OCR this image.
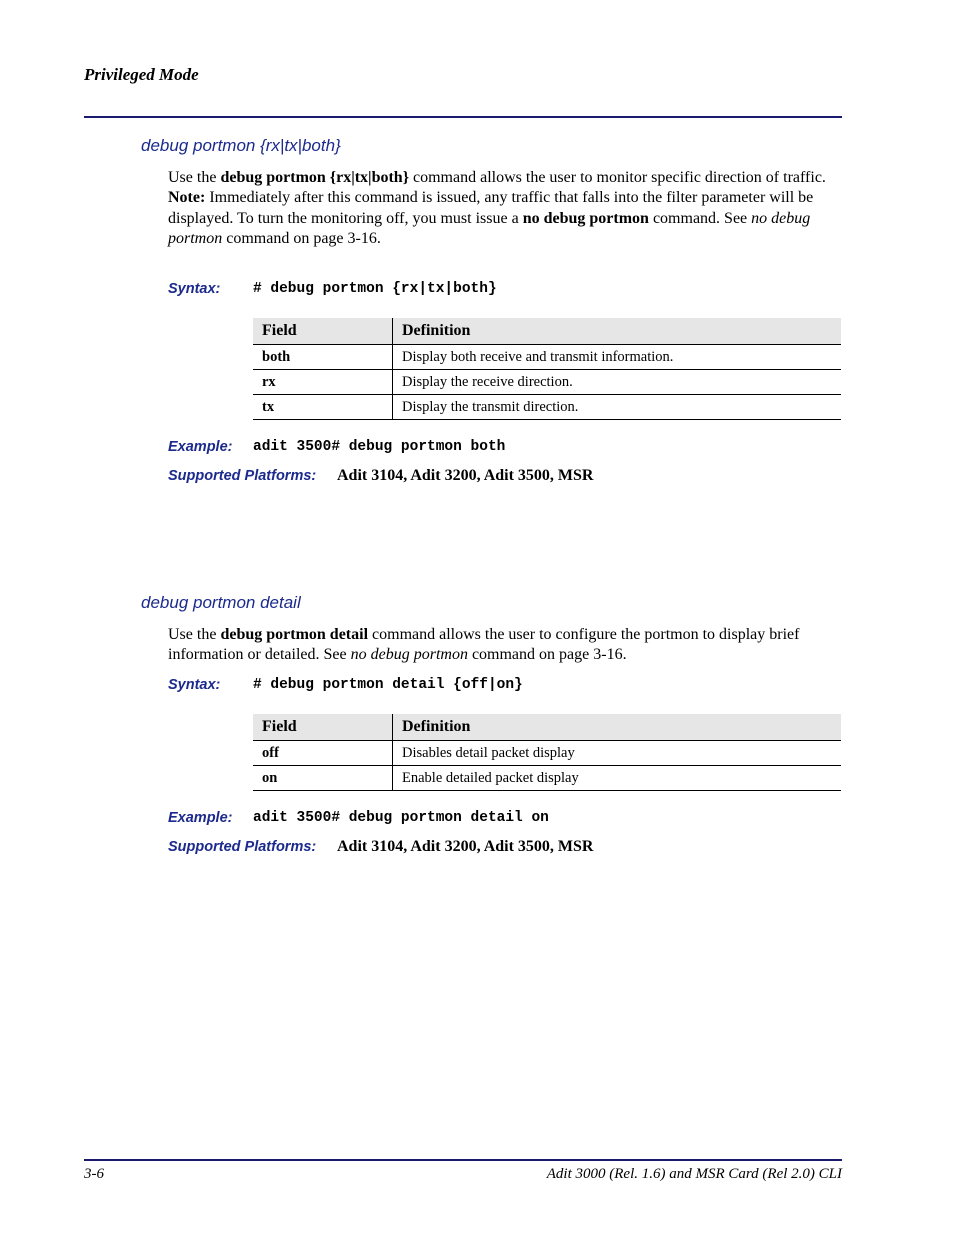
Privileged Mode
debug portmon {rx|tx|both}
Use the debug portmon {rx|tx|both} command allows the user to monitor specific direction of traffic.
Note: Immediately after this command is issued, any traffic that falls into the filter parameter will be displayed. To turn the monitoring off, you must issue a no debug portmon command. See no debug portmon command on page 3-16.
Syntax: # debug portmon {rx|tx|both}
Field	Definition
both	Display both receive and transmit information.
rx	Display the receive direction.
tx	Display the transmit direction.
Example: adit 3500# debug portmon both
Supported Platforms: Adit 3104, Adit 3200, Adit 3500, MSR
debug portmon detail
Use the debug portmon detail command allows the user to configure the portmon to display brief information or detailed. See no debug portmon command on page 3-16.
Syntax: # debug portmon detail {off|on}
Field	Definition
off	Disables detail packet display
on	Enable detailed packet display
Example: adit 3500# debug portmon detail on
Supported Platforms: Adit 3104, Adit 3200, Adit 3500, MSR
3-6	Adit 3000 (Rel. 1.6) and MSR Card (Rel 2.0) CLI
